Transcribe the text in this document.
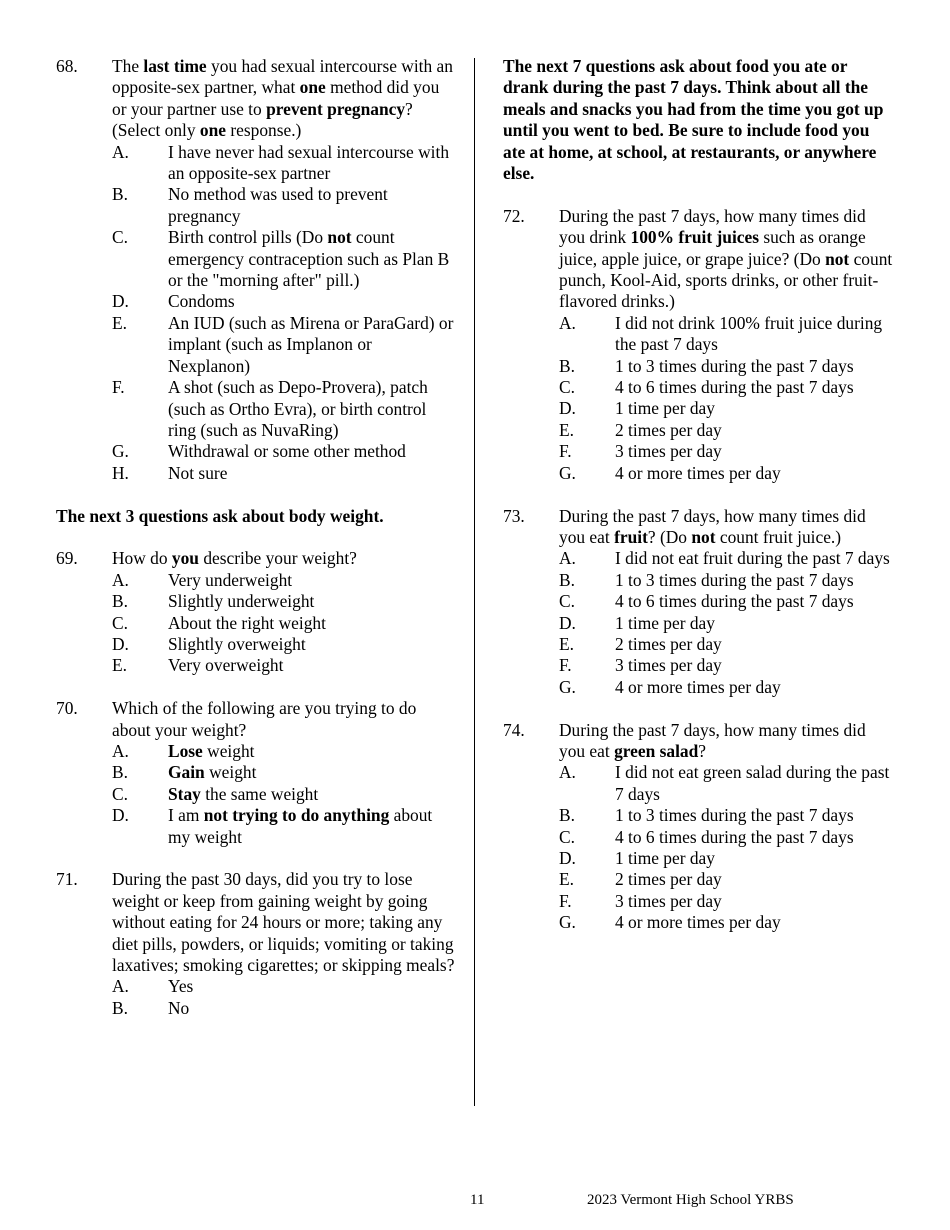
68. The last time you had sexual intercourse with an opposite-sex partner, what one method did you or your partner use to prevent pregnancy? (Select only one response.)
A. I have never had sexual intercourse with an opposite-sex partner
B. No method was used to prevent pregnancy
C. Birth control pills (Do not count emergency contraception such as Plan B or the "morning after" pill.)
D. Condoms
E. An IUD (such as Mirena or ParaGard) or implant (such as Implanon or Nexplanon)
F. A shot (such as Depo-Provera), patch (such as Ortho Evra), or birth control ring (such as NuvaRing)
G. Withdrawal or some other method
H. Not sure
The next 3 questions ask about body weight.
69. How do you describe your weight?
A. Very underweight
B. Slightly underweight
C. About the right weight
D. Slightly overweight
E. Very overweight
70. Which of the following are you trying to do about your weight?
A. Lose weight
B. Gain weight
C. Stay the same weight
D. I am not trying to do anything about my weight
71. During the past 30 days, did you try to lose weight or keep from gaining weight by going without eating for 24 hours or more; taking any diet pills, powders, or liquids; vomiting or taking laxatives; smoking cigarettes; or skipping meals?
A. Yes
B. No
The next 7 questions ask about food you ate or drank during the past 7 days. Think about all the meals and snacks you had from the time you got up until you went to bed. Be sure to include food you ate at home, at school, at restaurants, or anywhere else.
72. During the past 7 days, how many times did you drink 100% fruit juices such as orange juice, apple juice, or grape juice? (Do not count punch, Kool-Aid, sports drinks, or other fruit-flavored drinks.)
A. I did not drink 100% fruit juice during the past 7 days
B. 1 to 3 times during the past 7 days
C. 4 to 6 times during the past 7 days
D. 1 time per day
E. 2 times per day
F. 3 times per day
G. 4 or more times per day
73. During the past 7 days, how many times did you eat fruit? (Do not count fruit juice.)
A. I did not eat fruit during the past 7 days
B. 1 to 3 times during the past 7 days
C. 4 to 6 times during the past 7 days
D. 1 time per day
E. 2 times per day
F. 3 times per day
G. 4 or more times per day
74. During the past 7 days, how many times did you eat green salad?
A. I did not eat green salad during the past 7 days
B. 1 to 3 times during the past 7 days
C. 4 to 6 times during the past 7 days
D. 1 time per day
E. 2 times per day
F. 3 times per day
G. 4 or more times per day
11	2023 Vermont High School YRBS
